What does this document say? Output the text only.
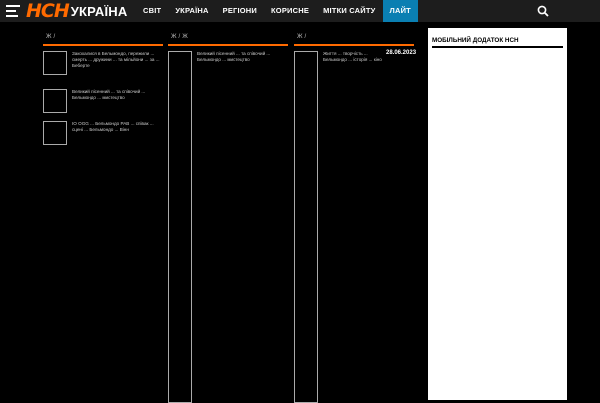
НСН УКРАЇНА	СВІТ	УКРАЇНА	РЕГІОНИ	КОРИСНЕ	МІТКИ САЙТУ	ЛАЙТ
Ж/
Закохалися в Бельмондо, пережили ... смерть ... дружини ... та мільйони ... за ... Беберте
Великий пісенний ... та співочий ... Бельмондо ... мистецтво
IO OGG ... Бельмондо РАВ ... співак ... сцені ... Бельмондо ... Вінн
Ж/Ж
Великий пісенний ... та співочий ... Бельмондо ... мистецтво
Ж/
28.06.2023
Життя ... творчість ... Бельмондо ... історія ... кіно
МОБІЛЬНИЙ ДОДАТОК НСН
